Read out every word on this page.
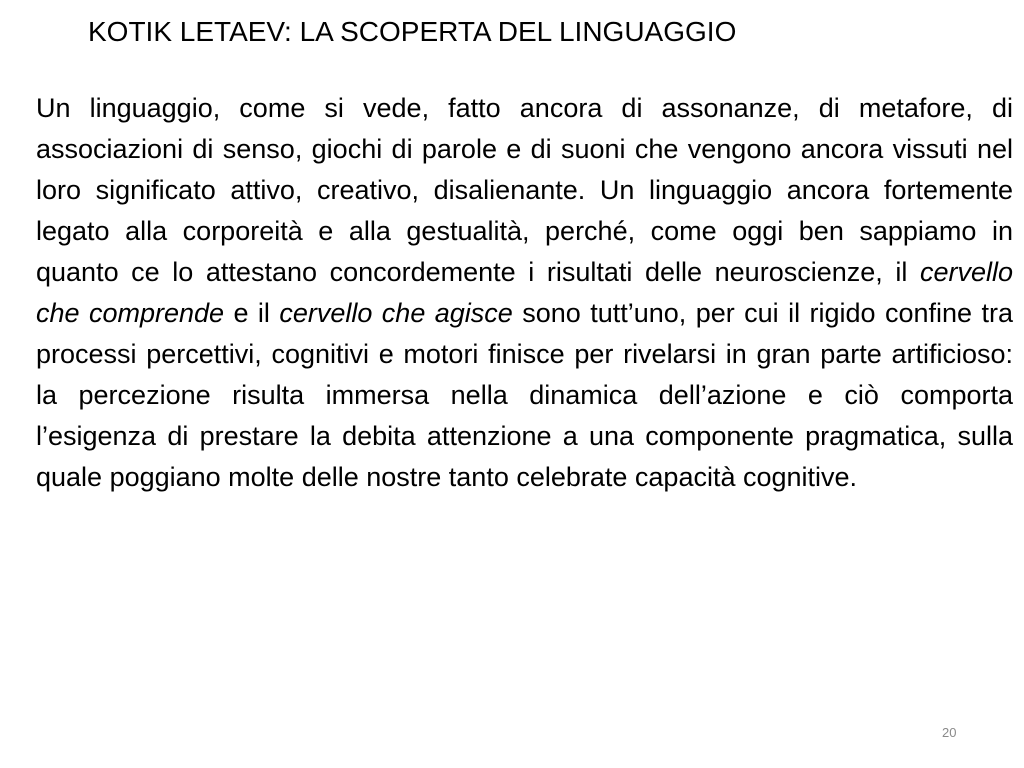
KOTIK LETAEV: LA SCOPERTA DEL LINGUAGGIO
Un linguaggio, come si vede, fatto ancora di assonanze, di metafore, di associazioni di senso, giochi di parole e di suoni che vengono ancora vissuti nel loro significato attivo, creativo, disalienante. Un linguaggio ancora fortemente legato alla corporeità e alla gestualità, perché, come oggi ben sappiamo in quanto ce lo attestano concordemente i risultati delle neuroscienze, il cervello che comprende e il cervello che agisce sono tutt’uno, per cui il rigido confine tra processi percettivi, cognitivi e motori finisce per rivelarsi in gran parte artificioso: la percezione risulta immersa nella dinamica dell’azione e ciò comporta l’esigenza di prestare la debita attenzione a una componente pragmatica, sulla quale poggiano molte delle nostre tanto celebrate capacità cognitive.
20
